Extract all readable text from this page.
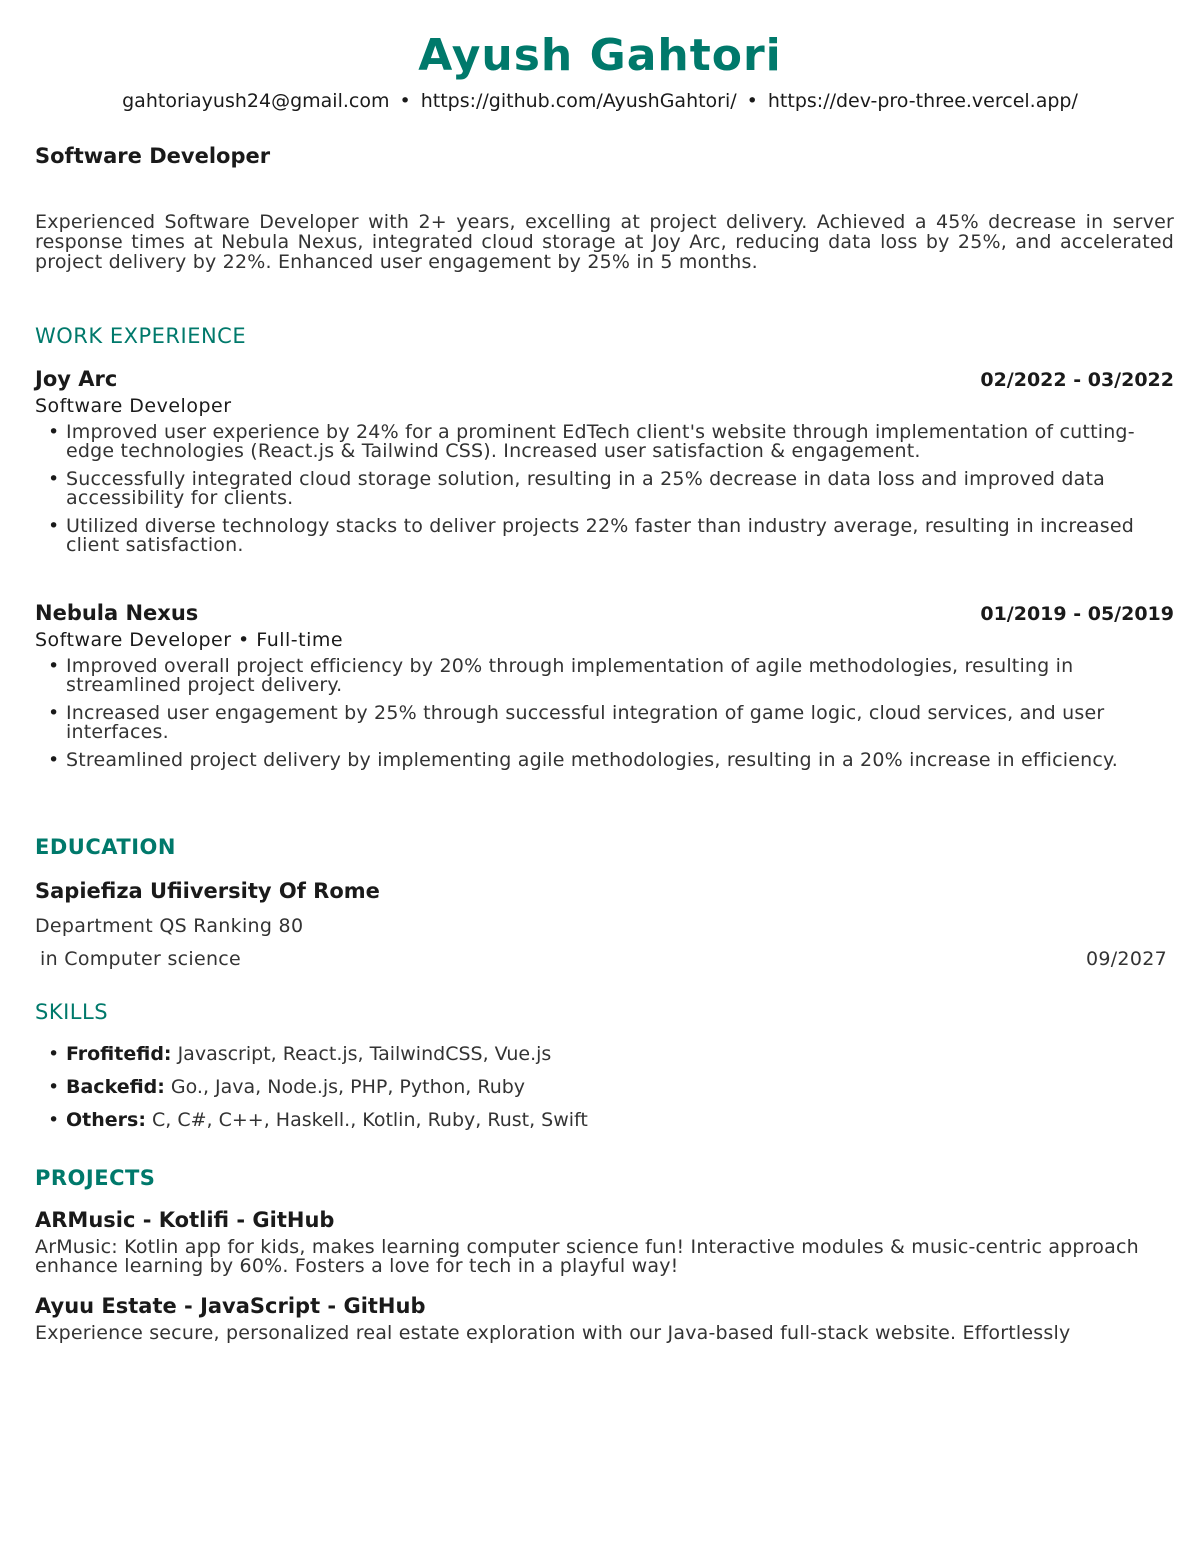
Ayush Gahtori
gahtoriayush24@gmail.com • https://github.com/AyushGahtori/ • https://dev-pro-three.vercel.app/
Software Developer
Experienced Software Developer with 2+ years, excelling at project delivery. Achieved a 45% decrease in server response times at Nebula Nexus, integrated cloud storage at Joy Arc, reducing data loss by 25%, and accelerated project delivery by 22%. Enhanced user engagement by 25% in 5 months.
WORK EXPERIENCE
Joy Arc	02/2022 - 03/2022
Software Developer
• Improved user experience by 24% for a prominent EdTech client's website through implementation of cutting-edge technologies (React.js & Tailwind CSS). Increased user satisfaction & engagement.
• Successfully integrated cloud storage solution, resulting in a 25% decrease in data loss and improved data accessibility for clients.
• Utilized diverse technology stacks to deliver projects 22% faster than industry average, resulting in increased client satisfaction.
Nebula Nexus	01/2019 - 05/2019
Software Developer • Full-time
• Improved overall project efficiency by 20% through implementation of agile methodologies, resulting in streamlined project delivery.
• Increased user engagement by 25% through successful integration of game logic, cloud services, and user interfaces.
• Streamlined project delivery by implementing agile methodologies, resulting in a 20% increase in efficiency.
EDUCATION
Sapiefiza Ufiiversity Of Rome
Department QS Ranking 80
in Computer science	09/2027
SKILLS
• Frofitefid: Javascript, React.js, TailwindCSS, Vue.js
• Backefid: Go., Java, Node.js, PHP, Python, Ruby
• Others: C, C#, C++, Haskell., Kotlin, Ruby, Rust, Swift
PROJECTS
ARMusic - Kotlifi - GitHub
ArMusic: Kotlin app for kids, makes learning computer science fun! Interactive modules & music-centric approach enhance learning by 60%. Fosters a love for tech in a playful way!
Ayuu Estate - JavaScript - GitHub
Experience secure, personalized real estate exploration with our Java-based full-stack website. Effortlessly
